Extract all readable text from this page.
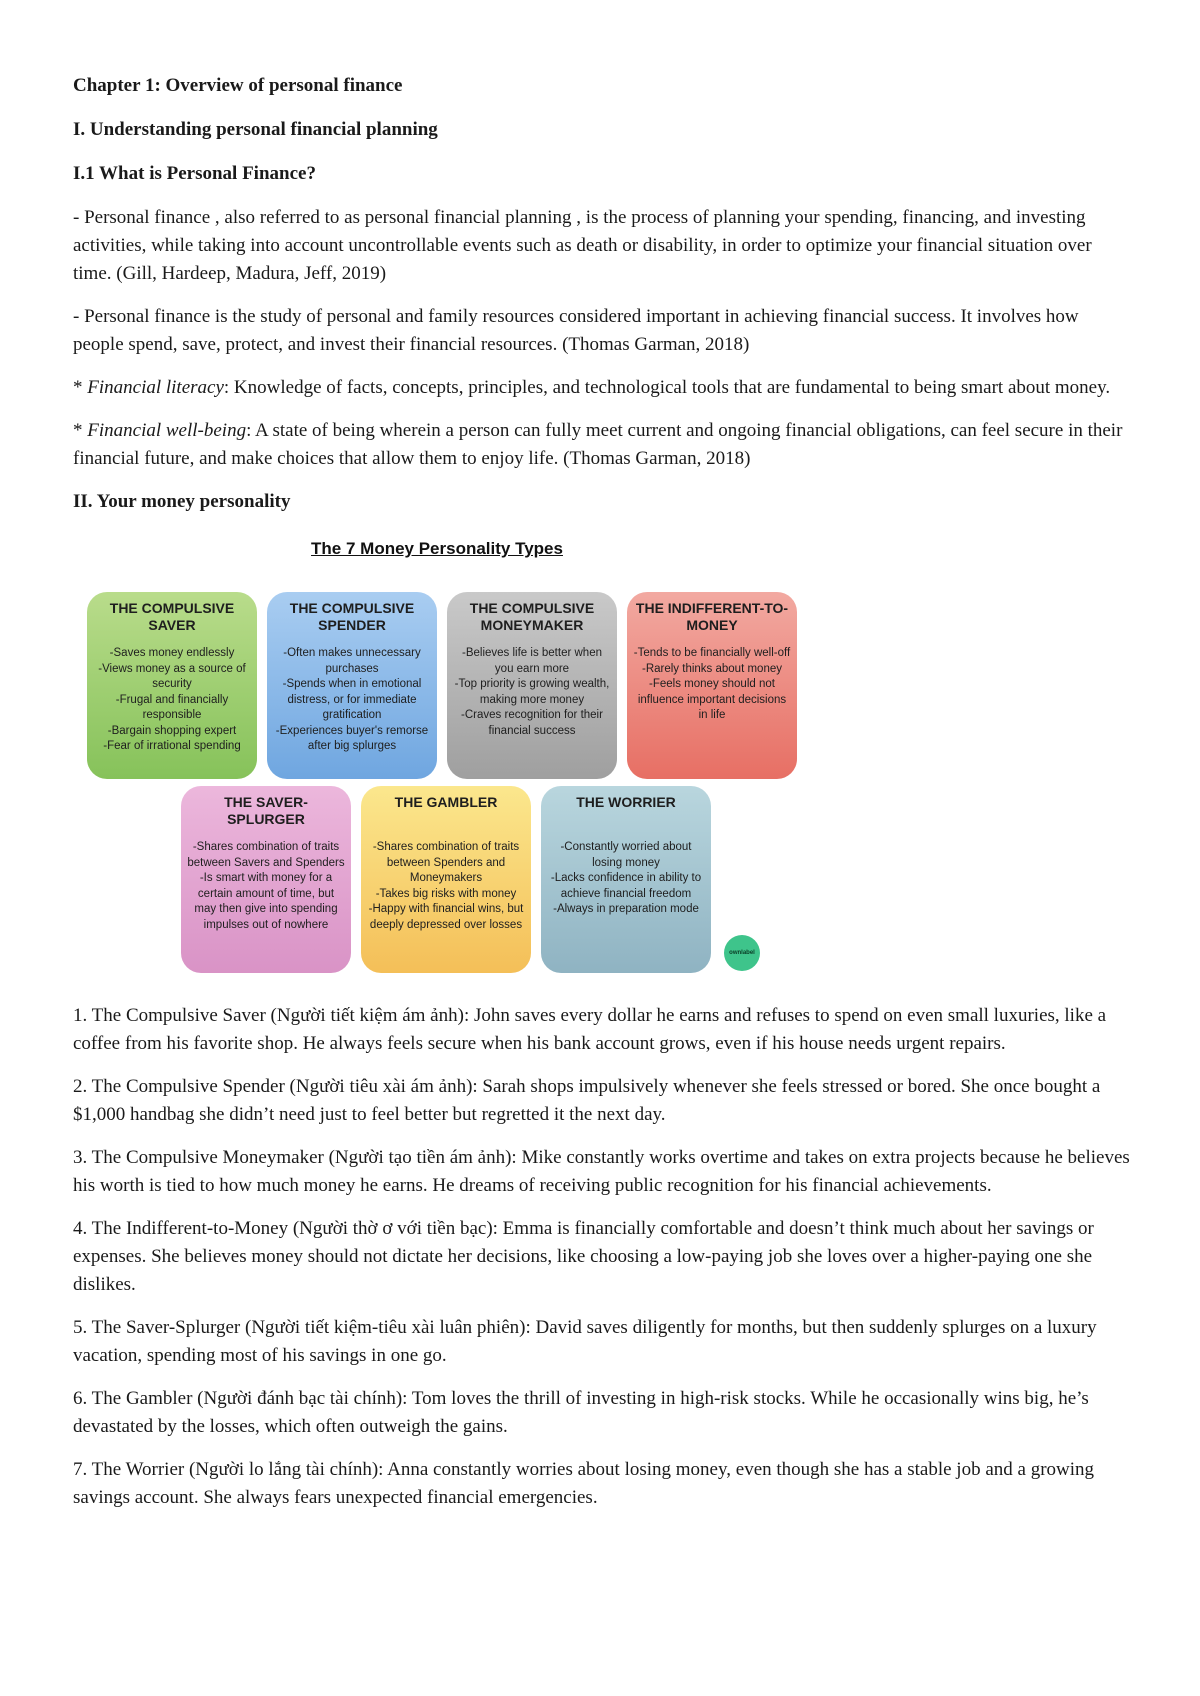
Chapter 1: Overview of personal finance
I. Understanding personal financial planning
I.1 What is Personal Finance?
- Personal finance , also referred to as personal financial planning , is the process of planning your spending, financing, and investing activities, while taking into account uncontrollable events such as death or disability, in order to optimize your financial situation over time. (Gill, Hardeep, Madura, Jeff, 2019)
- Personal finance is the study of personal and family resources considered important in achieving financial success. It involves how people spend, save, protect, and invest their financial resources. (Thomas Garman, 2018)
* Financial literacy: Knowledge of facts, concepts, principles, and technological tools that are fundamental to being smart about money.
* Financial well-being: A state of being wherein a person can fully meet current and ongoing financial obligations, can feel secure in their financial future, and make choices that allow them to enjoy life. (Thomas Garman, 2018)
II. Your money personality
The 7 Money Personality Types
THE COMPULSIVE SAVER
-Saves money endlessly
-Views money as a source of security
-Frugal and financially responsible
-Bargain shopping expert
-Fear of irrational spending
THE COMPULSIVE SPENDER
-Often makes unnecessary purchases
-Spends when in emotional distress, or for immediate gratification
-Experiences buyer's remorse after big splurges
THE COMPULSIVE MONEYMAKER
-Believes life is better when you earn more
-Top priority is growing wealth, making more money
-Craves recognition for their financial success
THE INDIFFERENT-TO-MONEY
-Tends to be financially well-off
-Rarely thinks about money
-Feels money should not influence important decisions in life
THE SAVER-SPLURGER
-Shares combination of traits between Savers and Spenders
-Is smart with money for a certain amount of time, but may then give into spending impulses out of nowhere
THE GAMBLER
-Shares combination of traits between Spenders and Moneymakers
-Takes big risks with money
-Happy with financial wins, but deeply depressed over losses
THE WORRIER
-Constantly worried about losing money
-Lacks confidence in ability to achieve financial freedom
-Always in preparation mode
ownlabel
1. The Compulsive Saver (Người tiết kiệm ám ảnh): John saves every dollar he earns and refuses to spend on even small luxuries, like a coffee from his favorite shop. He always feels secure when his bank account grows, even if his house needs urgent repairs.
2. The Compulsive Spender (Người tiêu xài ám ảnh): Sarah shops impulsively whenever she feels stressed or bored. She once bought a $1,000 handbag she didn’t need just to feel better but regretted it the next day.
3. The Compulsive Moneymaker (Người tạo tiền ám ảnh): Mike constantly works overtime and takes on extra projects because he believes his worth is tied to how much money he earns. He dreams of receiving public recognition for his financial achievements.
4. The Indifferent-to-Money (Người thờ ơ với tiền bạc): Emma is financially comfortable and doesn’t think much about her savings or expenses. She believes money should not dictate her decisions, like choosing a low-paying job she loves over a higher-paying one she dislikes.
5. The Saver-Splurger (Người tiết kiệm-tiêu xài luân phiên): David saves diligently for months, but then suddenly splurges on a luxury vacation, spending most of his savings in one go.
6. The Gambler (Người đánh bạc tài chính): Tom loves the thrill of investing in high-risk stocks. While he occasionally wins big, he’s devastated by the losses, which often outweigh the gains.
7. The Worrier (Người lo lắng tài chính): Anna constantly worries about losing money, even though she has a stable job and a growing savings account. She always fears unexpected financial emergencies.
